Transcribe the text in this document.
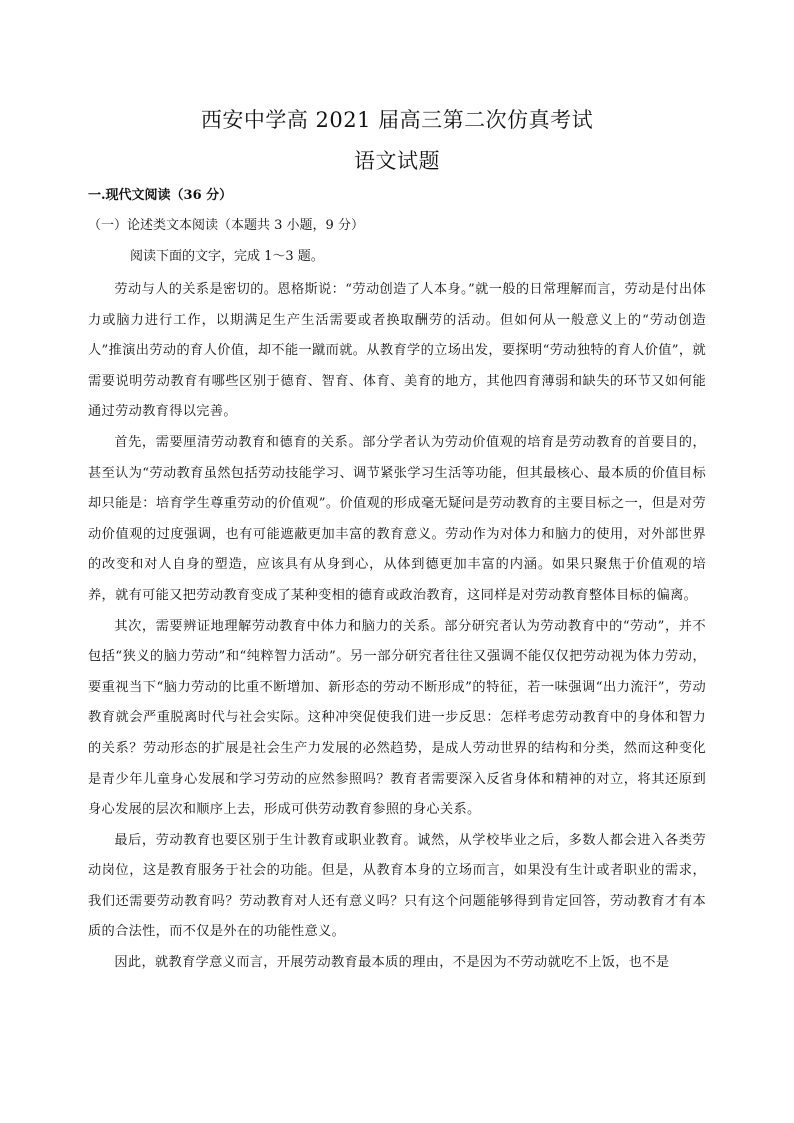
西安中学高 2021 届高三第二次仿真考试
语文试题
一.现代文阅读（36 分）
（一）论述类文本阅读（本题共 3 小题，9 分）
阅读下面的文字，完成 1～3 题。

劳动与人的关系是密切的。恩格斯说：“劳动创造了人本身。”就一般的日常理解而言，劳动是付出体力或脑力进行工作，以期满足生产生活需要或者换取酬劳的活动。但如何从一般意义上的“劳动创造人”推演出劳动的育人价值，却不能一蹴而就。从教育学的立场出发，要探明“劳动独特的育人价值”，就需要说明劳动教育有哪些区别于德育、智育、体育、美育的地方，其他四育薄弱和缺失的环节又如何能通过劳动教育得以完善。

首先，需要厘清劳动教育和德育的关系。部分学者认为劳动价值观的培育是劳动教育的首要目的，甚至认为“劳动教育虽然包括劳动技能学习、调节紧张学习生活等功能，但其最核心、最本质的价值目标却只能是：培育学生尊重劳动的价值观”。价值观的形成毫无疑问是劳动教育的主要目标之一，但是对劳动价值观的过度强调，也有可能遮蔽更加丰富的教育意义。劳动作为对体力和脑力的使用，对外部世界的改变和对人自身的塑造，应该具有从身到心，从体到德更加丰富的内涵。如果只聚焦于价值观的培养，就有可能又把劳动教育变成了某种变相的德育或政治教育，这同样是对劳动教育整体目标的偏离。

其次，需要辨证地理解劳动教育中体力和脑力的关系。部分研究者认为劳动教育中的“劳动”，并不包括“狭义的脑力劳动”和“纯粹智力活动”。另一部分研究者往往又强调不能仅仅把劳动视为体力劳动，要重视当下“脑力劳动的比重不断增加、新形态的劳动不断形成”的特征，若一味强调“出力流汗”，劳动教育就会严重脱离时代与社会实际。这种冲突促使我们进一步反思：怎样考虑劳动教育中的身体和智力的关系？劳动形态的扩展是社会生产力发展的必然趋势，是成人劳动世界的结构和分类，然而这种变化是青少年儿童身心发展和学习劳动的应然参照吗？教育者需要深入反省身体和精神的对立，将其还原到身心发展的层次和顺序上去，形成可供劳动教育参照的身心关系。

最后，劳动教育也要区别于生计教育或职业教育。诚然，从学校毕业之后，多数人都会进入各类劳动岗位，这是教育服务于社会的功能。但是，从教育本身的立场而言，如果没有生计或者职业的需求，我们还需要劳动教育吗？劳动教育对人还有意义吗？只有这个问题能够得到肯定回答，劳动教育才有本质的合法性，而不仅是外在的功能性意义。

因此，就教育学意义而言，开展劳动教育最本质的理由，不是因为不劳动就吃不上饭，也不是
